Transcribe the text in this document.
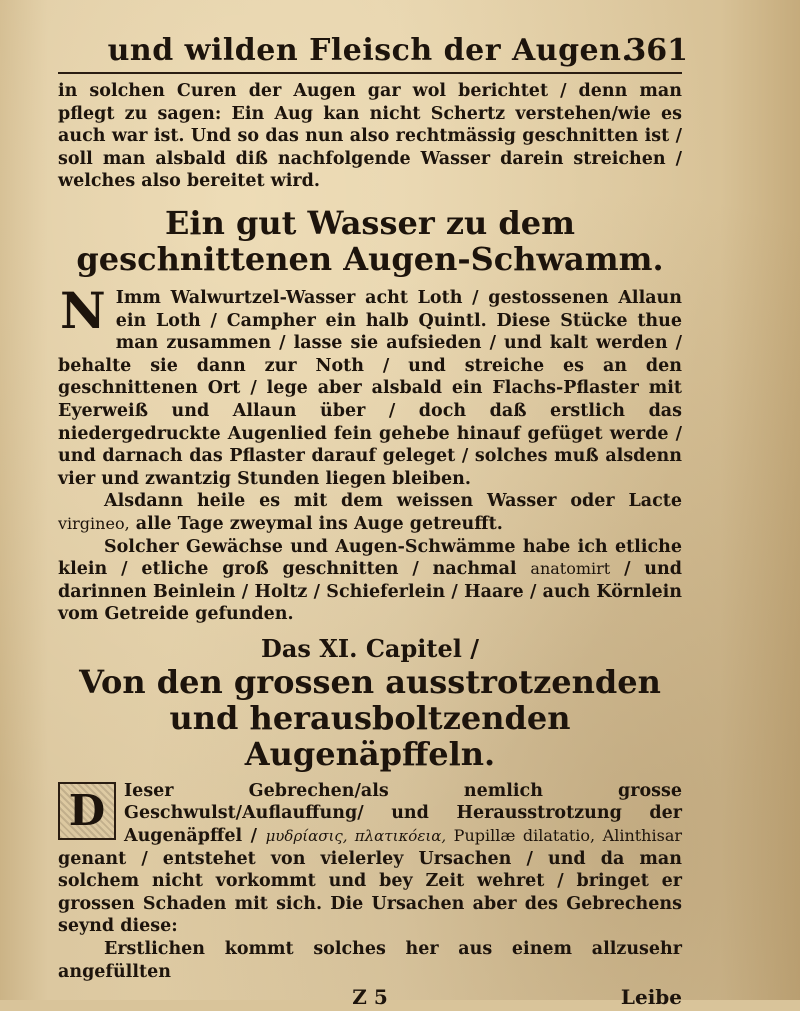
und wilden Fleisch der Augen.
361

in solchen Curen der Augen gar wol berichtet / denn man pflegt zu sagen: Ein Aug kan nicht Schertz verstehen/wie es auch war ist. Und so das nun also rechtmässig geschnitten ist / soll man alsbald diß nachfolgende Wasser darein streichen / welches also bereitet wird.

Ein gut Wasser zu dem geschnittenen Augen-Schwamm.

N Imm Walwurtzel-Wasser acht Loth / gestossenen Allaun ein Loth / Campher ein halb Quintl. Diese Stücke thue man zusammen / lasse sie aufsieden / und kalt werden / behalte sie dann zur Noth / und streiche es an den geschnittenen Ort / lege aber alsbald ein Flachs-Pflaster mit Eyerweiß und Allaun über / doch daß erstlich das niedergedruckte Augenlied fein gehebe hinauf gefüget werde / und darnach das Pflaster darauf geleget / solches muß alsdenn vier und zwantzig Stunden liegen bleiben.

Alsdann heile es mit dem weissen Wasser oder Lacte virgineo, alle Tage zweymal ins Auge getreufft.

Solcher Gewächse und Augen-Schwämme habe ich etliche klein / etliche groß geschnitten / nachmal anatomirt / und darinnen Beinlein / Holtz / Schieferlein / Haare / auch Körnlein vom Getreide gefunden.

Das XI. Capitel /

Von den grossen ausstrotzenden und herausboltzenden Augenäpffeln.

D	Ieser Gebrechen/als nemlich grosse Geschwulst/Auflauffung/ und Herausstrotzung der Augenäpffel / μυδρίασις, πλατικόεια, Pupillæ dilatatio, Alinthisar genant / entstehet von vielerley Ursachen / und da man solchem nicht vorkommt und bey Zeit wehret / bringet er grossen Schaden mit sich. Die Ursachen aber des Gebrechens seynd diese:

Erstlichen kommt solches her aus einem allzusehr angefüllten

Z 5	Leibe
